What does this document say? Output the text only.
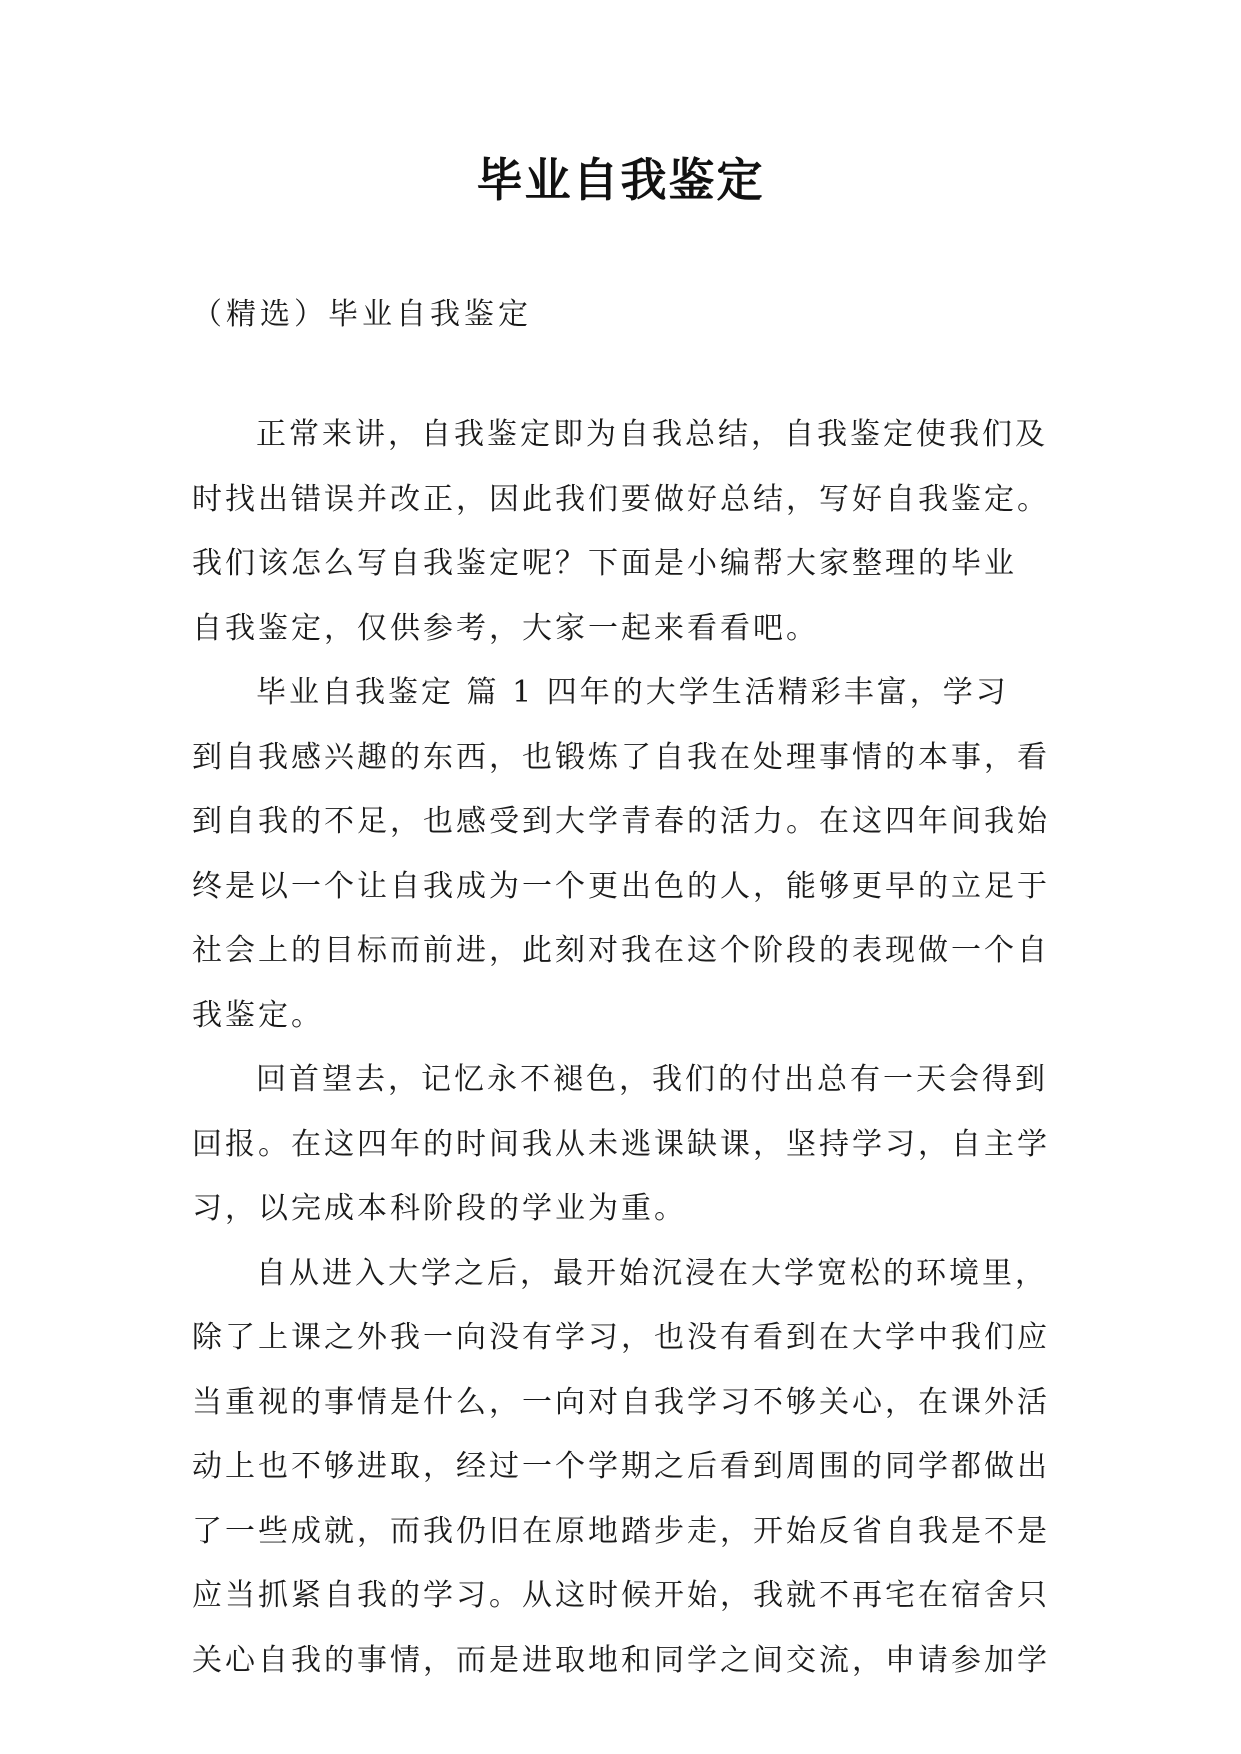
毕业自我鉴定
（精选）毕业自我鉴定
正常来讲，自我鉴定即为自我总结，自我鉴定使我们及
时找出错误并改正，因此我们要做好总结，写好自我鉴定。
我们该怎么写自我鉴定呢？下面是小编帮大家整理的毕业
自我鉴定，仅供参考，大家一起来看看吧。
毕业自我鉴定 篇 1 四年的大学生活精彩丰富，学习
到自我感兴趣的东西，也锻炼了自我在处理事情的本事，看
到自我的不足，也感受到大学青春的活力。在这四年间我始
终是以一个让自我成为一个更出色的人，能够更早的立足于
社会上的目标而前进，此刻对我在这个阶段的表现做一个自
我鉴定。
回首望去，记忆永不褪色，我们的付出总有一天会得到
回报。在这四年的时间我从未逃课缺课，坚持学习，自主学
习，以完成本科阶段的学业为重。
自从进入大学之后，最开始沉浸在大学宽松的环境里，
除了上课之外我一向没有学习，也没有看到在大学中我们应
当重视的事情是什么，一向对自我学习不够关心，在课外活
动上也不够进取，经过一个学期之后看到周围的同学都做出
了一些成就，而我仍旧在原地踏步走，开始反省自我是不是
应当抓紧自我的学习。从这时候开始，我就不再宅在宿舍只
关心自我的事情，而是进取地和同学之间交流，申请参加学
